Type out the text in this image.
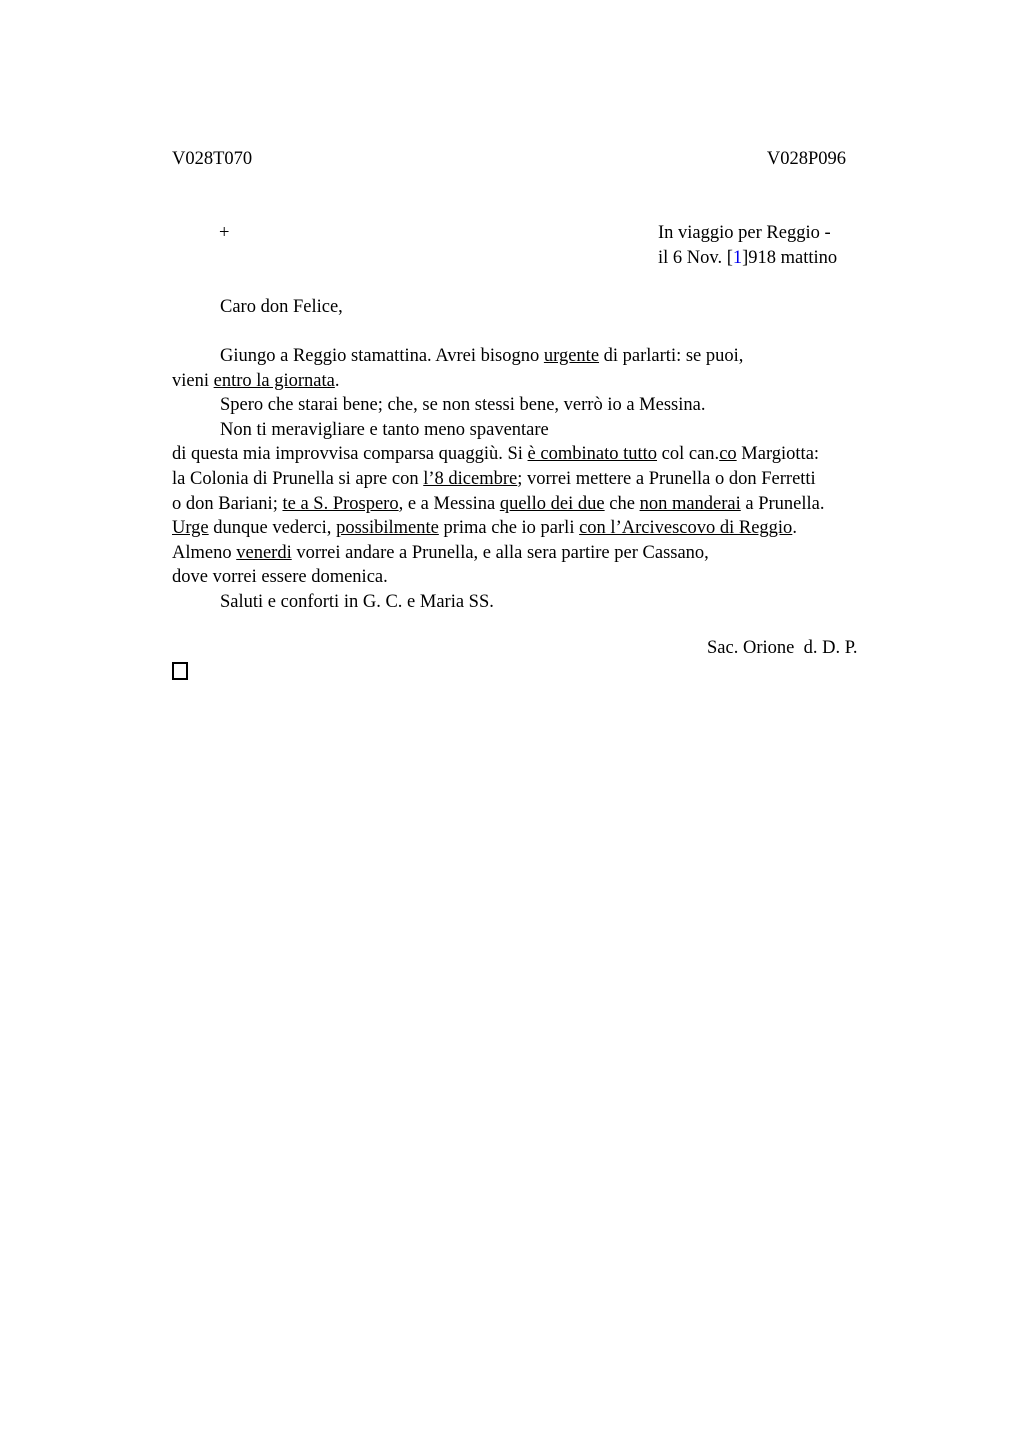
V028T070	V028P096
+	In viaggio per Reggio -
il 6 Nov. [1]918 mattino
Caro don Felice,
Giungo a Reggio stamattina. Avrei bisogno urgente di parlarti: se puoi,
vieni entro la giornata.
Spero che starai bene; che, se non stessi bene, verrò io a Messina.
Non ti meravigliare e tanto meno spaventare
di questa mia improvvisa comparsa quaggiù. Si è combinato tutto col can.co Margiotta:
la Colonia di Prunella si apre con l’8 dicembre; vorrei mettere a Prunella o don Ferretti
o don Bariani; te a S. Prospero, e a Messina quello dei due che non manderai a Prunella.
Urge dunque vederci, possibilmente prima che io parli con l’Arcivescovo di Reggio.
Almeno venerdi vorrei andare a Prunella, e alla sera partire per Cassano,
dove vorrei essere domenica.
Saluti e conforti in G. C. e Maria SS.
Sac. Orione  d. D. P.
